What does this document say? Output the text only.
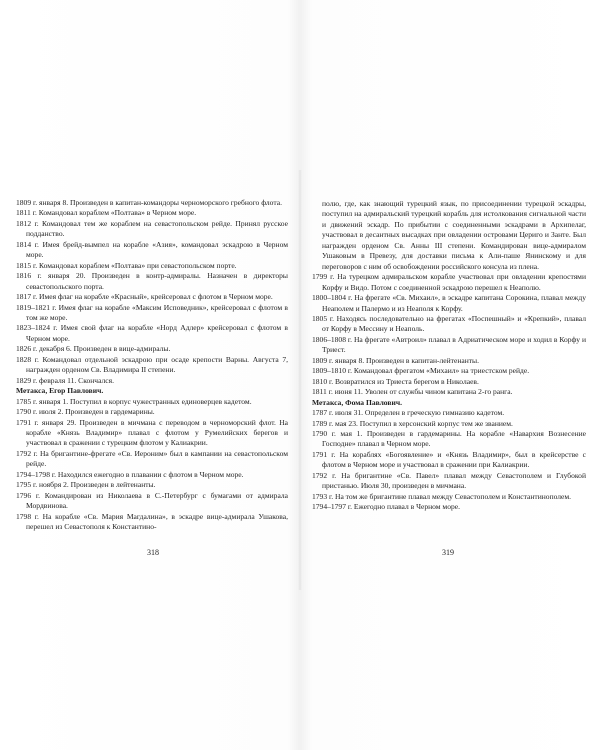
1809 г. января 8. Произведен в капитан-командоры черноморского гребного флота.

1811 г. Командовал кораблем «Полтава» в Черном море.

1812 г. Командовал тем же кораблем на севастопольском рейде. Принял русское подданство.

1814 г. Имея брейд-вымпел на корабле «Азия», командовал эскадрою в Черном море.

1815 г. Командовал кораблем «Полтава» при севастопольском порте.

1816 г. января 20. Произведен в контр-адмиралы. Назначен в директоры севастопольского порта.

1817 г. Имея флаг на корабле «Красный», крейсеровал с флотом в Черном море.

1819–1821 г. Имея флаг на корабле «Максим Исповедник», крейсеровал с флотом в том же море.

1823–1824 г. Имея свой флаг на корабле «Норд Адлер» крейсеровал с флотом в Черном море.

1826 г. декабря 6. Произведен в вице-адмиралы.

1828 г. Командовал отдельной эскадрою при осаде крепости Варны. Августа 7, награжден орденом Св. Владимира II степени.

1829 г. февраля 11. Скончался.

Метакса, Егор Павлович.

1785 г. января 1. Поступил в корпус чужестранных единоверцев кадетом.

1790 г. июля 2. Произведен в гардемарины.

1791 г. января 29. Произведен в мичмана с переводом в черноморский флот. На корабле «Князь Владимир» плавал с флотом у Румелийских берегов и участвовал в сражении с турецким флотом у Калиакрии.

1792 г. На бригантине-фрегате «Св. Иероним» был в кампании на севастопольском рейде.

1794–1798 г. Находился ежегодно в плавании с флотом в Черном море.

1795 г. ноября 2. Произведен в лейтенанты.

1796 г. Командирован из Николаева в С.-Петербург с бумагами от адмирала Мордвинова.

1798 г. На корабле «Св. Мария Магдалина», в эскадре вице-адмирала Ушакова, перешел из Севастополя к Константино-

полю, где, как знающий турецкий язык, по присоединении турецкой эскадры, поступил на адмиральский турецкий корабль для истолкования сигнальной части и движений эскадр. По прибытии с соединенными эскадрами в Архипелаг, участвовал в десантных высадках при овладении островами Цериго и Занте. Был награжден орденом Св. Анны III степени. Командирован вице-адмиралом Ушаковым в Превезу, для доставки письма к Али-паше Янинскому и для переговоров с ним об освобождении российского консула из плена.

1799 г. На турецком адмиральском корабле участвовал при овладении крепостями Корфу и Видо. Потом с соединенной эскадрою перешел к Неаполю.

1800–1804 г. На фрегате «Св. Михаил», в эскадре капитана Сорокина, плавал между Неаполем и Палермо и из Неаполя к Корфу.

1805 г. Находясь последовательно на фрегатах «Поспешный» и «Крепкий», плавал от Корфу в Мессину и Неаполь.

1806–1808 г. На фрегате «Автроил» плавал в Адриатическом море и ходил в Корфу и Триест.

1809 г. января 8. Произведен в капитан-лейтенанты.

1809–1810 г. Командовал фрегатом «Михаил» на триестском рейде.

1810 г. Возвратился из Триеста берегом в Николаев.

1811 г. июня 11. Уволен от службы чином капитана 2-го ранга.

Метакса, Фома Павлович.

1787 г. июля 31. Определен в греческую гимназию кадетом.

1789 г. мая 23. Поступил в херсонский корпус тем же званием.

1790 г. мая 1. Произведен в гардемарины. На корабле «Навархия Вознесение Господне» плавал в Черном море.

1791 г. На кораблях «Богоявление» и «Князь Владимир», был в крейсерстве с флотом в Черном море и участвовал в сражении при Калиакрии.

1792 г. На бригантине «Св. Павел» плавал между Севастополем и Глубокой пристанью. Июля 30, произведен в мичмана.

1793 г. На том же бригантине плавал между Севастополем и Константинополем.

1794–1797 г. Ежегодно плавал в Черном море.

318	319
